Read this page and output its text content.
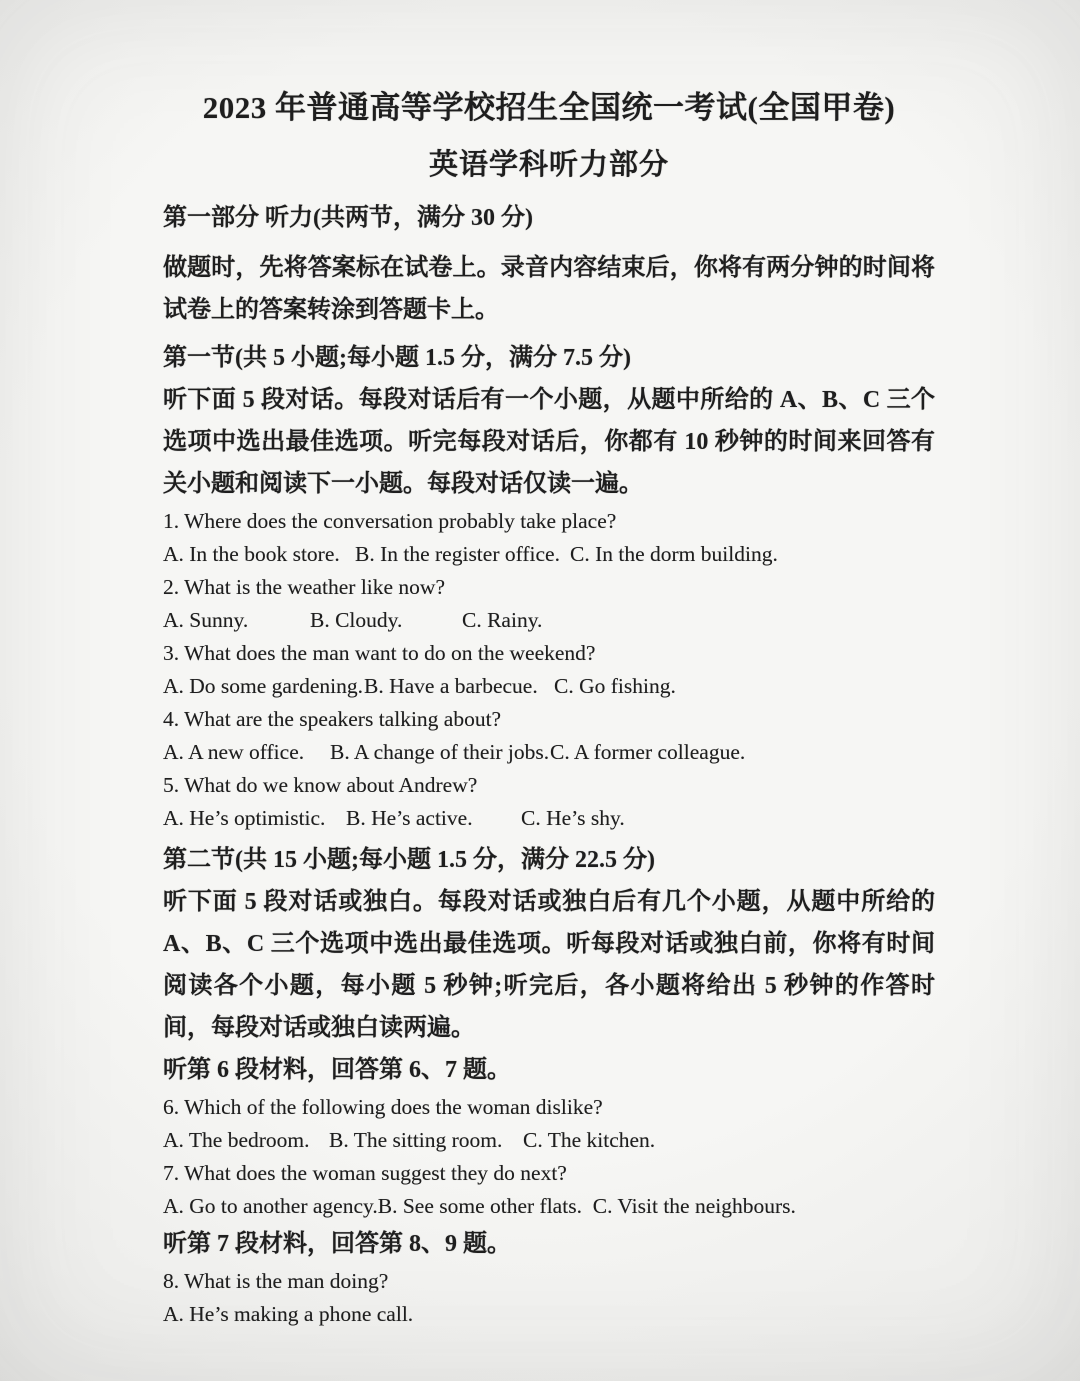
2023 年普通高等学校招生全国统一考试(全国甲卷)
英语学科听力部分
第一部分 听力(共两节，满分 30 分)

做题时，先将答案标在试卷上。录音内容结束后，你将有两分钟的时间将试卷上的答案转涂到答题卡上。

第一节(共 5 小题;每小题 1.5 分，满分 7.5 分)

听下面 5 段对话。每段对话后有一个小题，从题中所给的 A、B、C 三个选项中选出最佳选项。听完每段对话后，你都有 10 秒钟的时间来回答有关小题和阅读下一小题。每段对话仅读一遍。

1. Where does the conversation probably take place?
A. In the book store. B. In the register office. C. In the dorm building.
2. What is the weather like now?
A. Sunny.	B. Cloudy.	C. Rainy.
3. What does the man want to do on the weekend?
A. Do some gardening. B. Have a barbecue. C. Go fishing.
4. What are the speakers talking about?
A. A new office.	B. A change of their jobs. C. A former colleague.
5. What do we know about Andrew?
A. He’s optimistic. B. He’s active.	C. He’s shy.
第二节(共 15 小题;每小题 1.5 分，满分 22.5 分)

听下面 5 段对话或独白。每段对话或独白后有几个小题，从题中所给的 A、B、C 三个选项中选出最佳选项。听每段对话或独白前，你将有时间阅读各个小题，每小题 5 秒钟;听完后，各小题将给出 5 秒钟的作答时间，每段对话或独白读两遍。

听第 6 段材料，回答第 6、7 题。
6. Which of the following does the woman dislike?
A. The bedroom. B. The sitting room. C. The kitchen.
7. What does the woman suggest they do next?
A. Go to another agency. B. See some other flats. C. Visit the neighbours.
听第 7 段材料，回答第 8、9 题。
8. What is the man doing?
A. He’s making a phone call.
